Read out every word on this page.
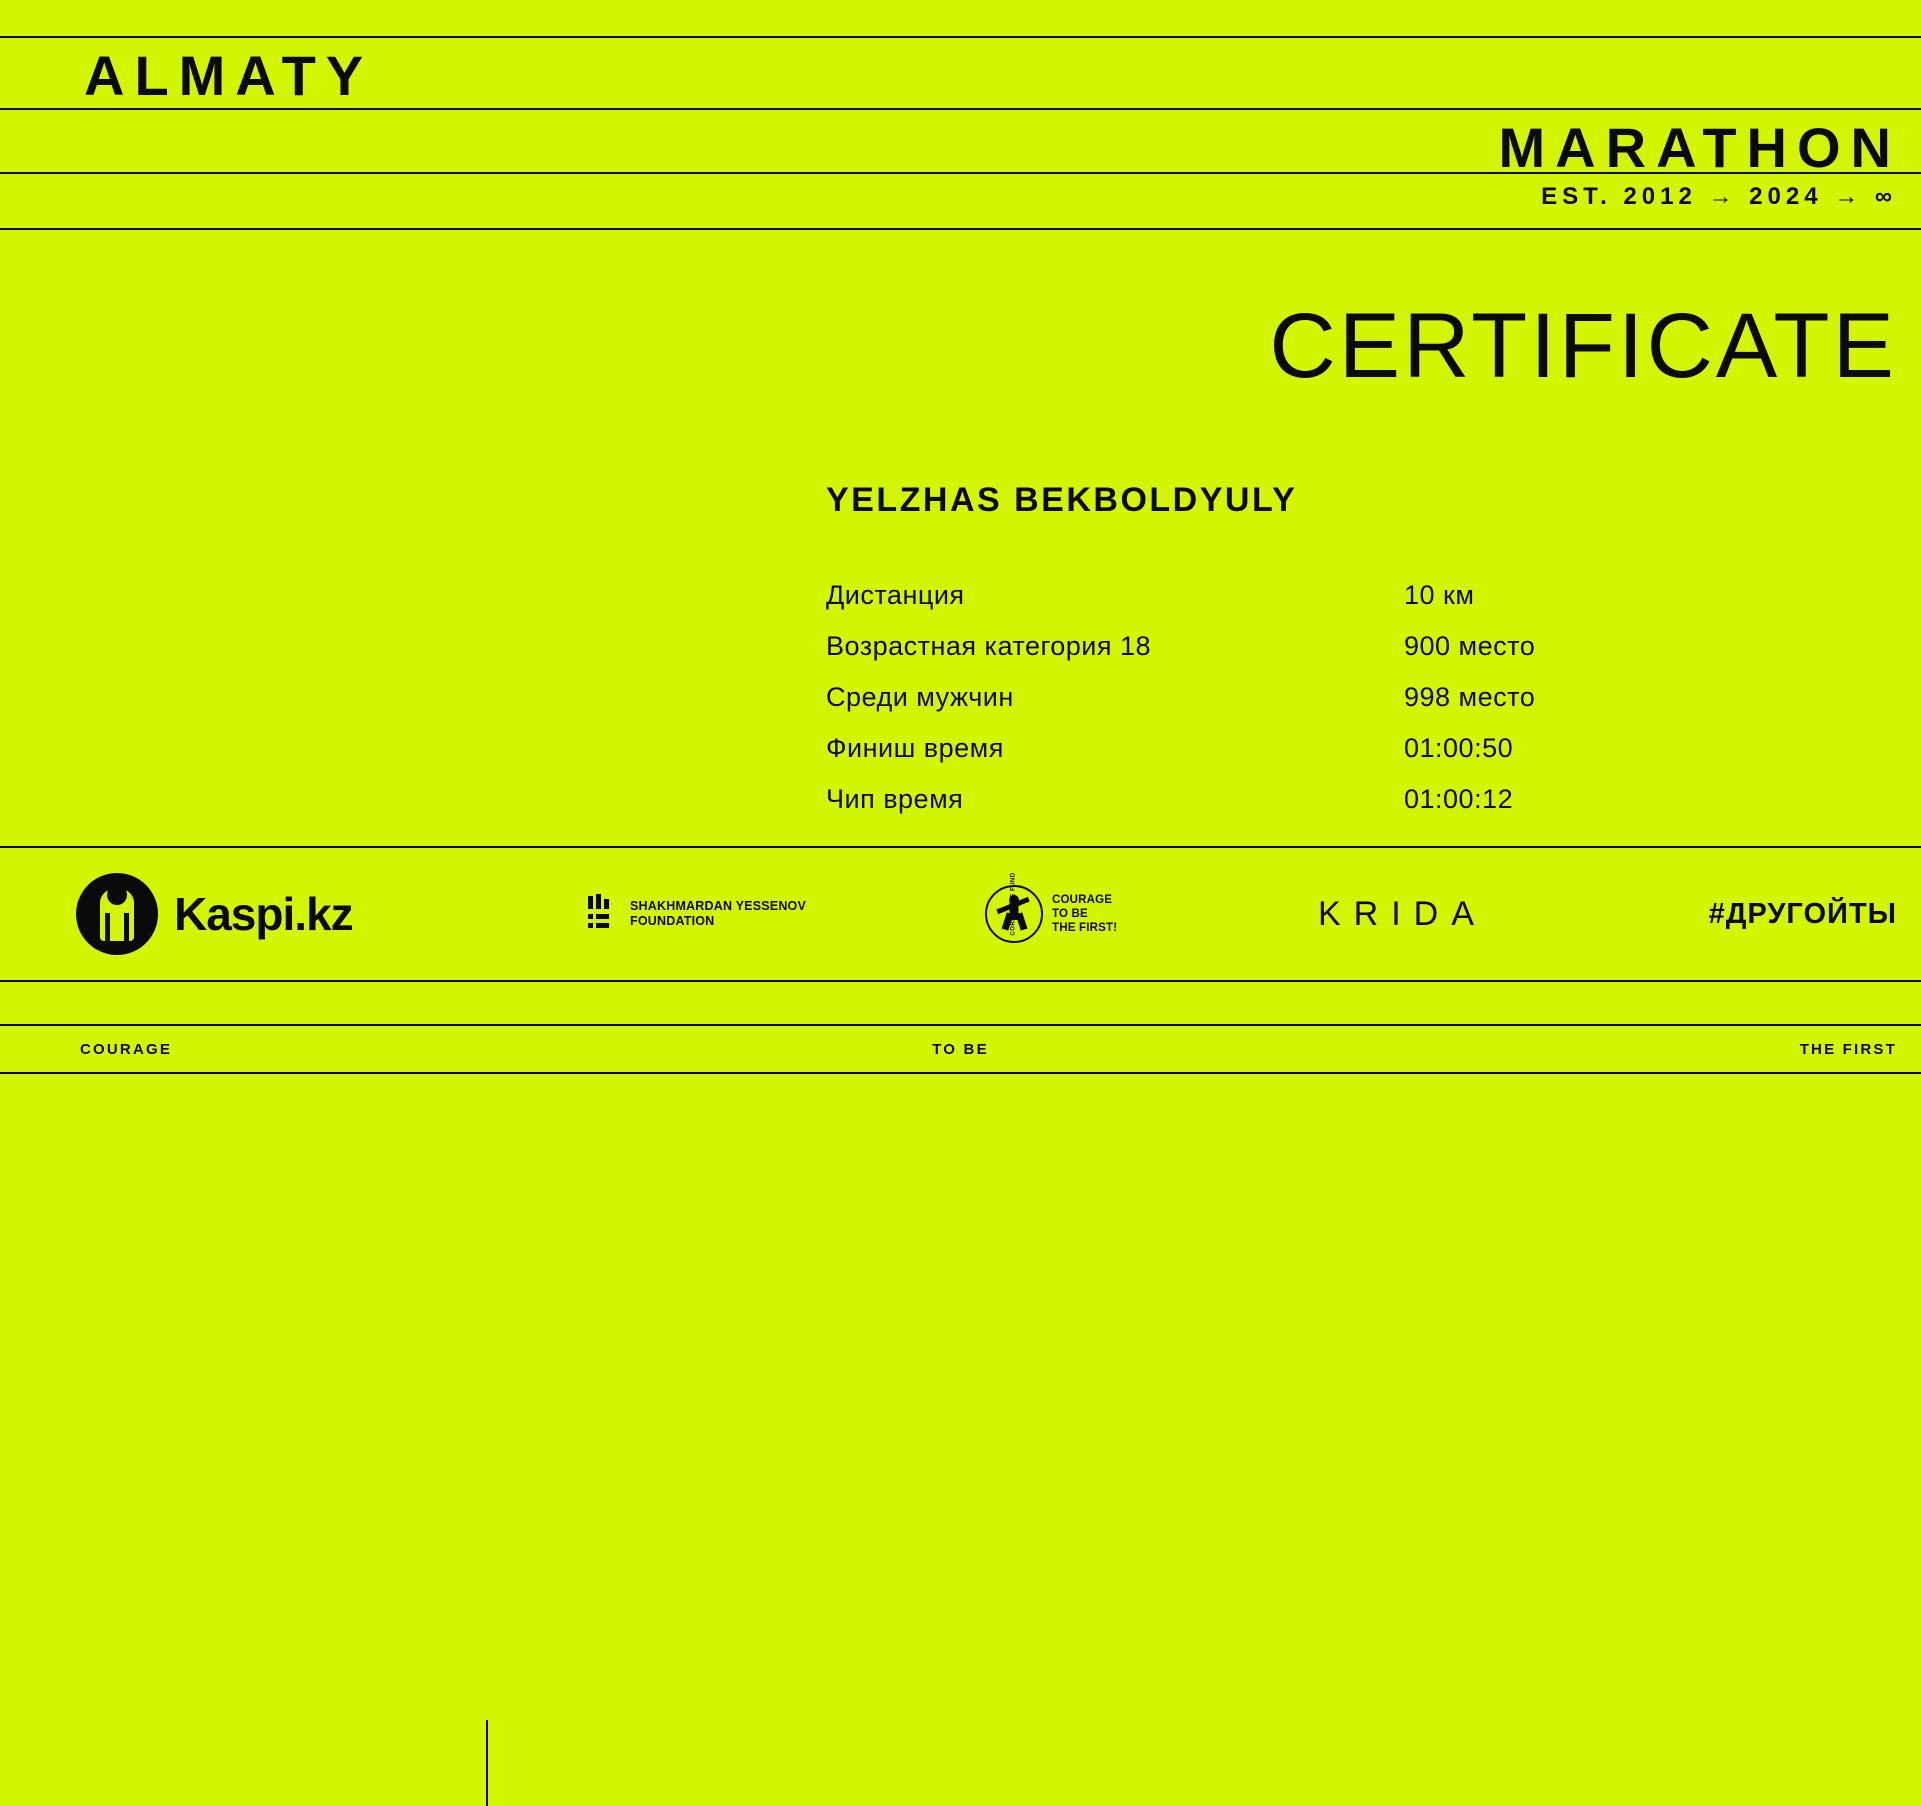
ALMATY
MARATHON
EST. 2012 → 2024 → ∞
CERTIFICATE
YELZHAS BEKBOLDYULY
Дистанция	10 км
Возрастная категория 18	900 место
Среди мужчин	998 место
Финиш время	01:00:50
Чип время	01:00:12
Kaspi.kz	SHAKHMARDAN YESSENOV
FOUNDATION
COURAGE
TO BE
THE FIRST!	KRIDA	#ДРУГОЙТЫ
COURAGE	TO BE	THE FIRST
